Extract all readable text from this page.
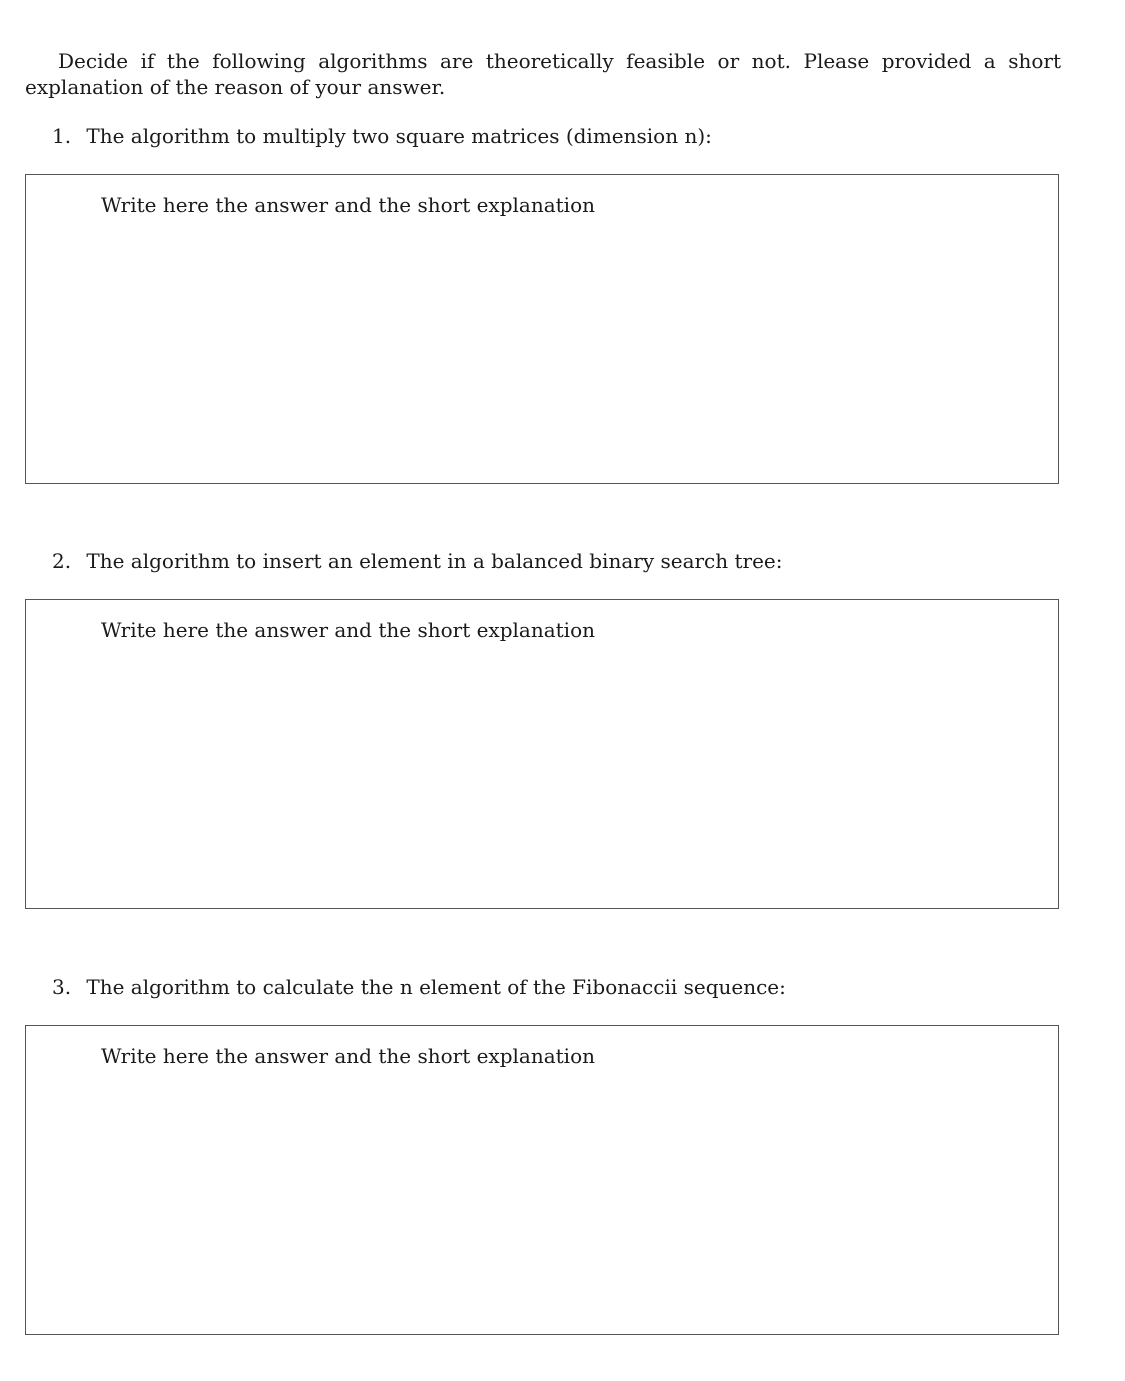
Decide if the following algorithms are theoretically feasible or not. Please provided a short explanation of the reason of your answer.

1. The algorithm to multiply two square matrices (dimension n):

Write here the answer and the short explanation

2. The algorithm to insert an element in a balanced binary search tree:

Write here the answer and the short explanation

3. The algorithm to calculate the n element of the Fibonaccii sequence:

Write here the answer and the short explanation
